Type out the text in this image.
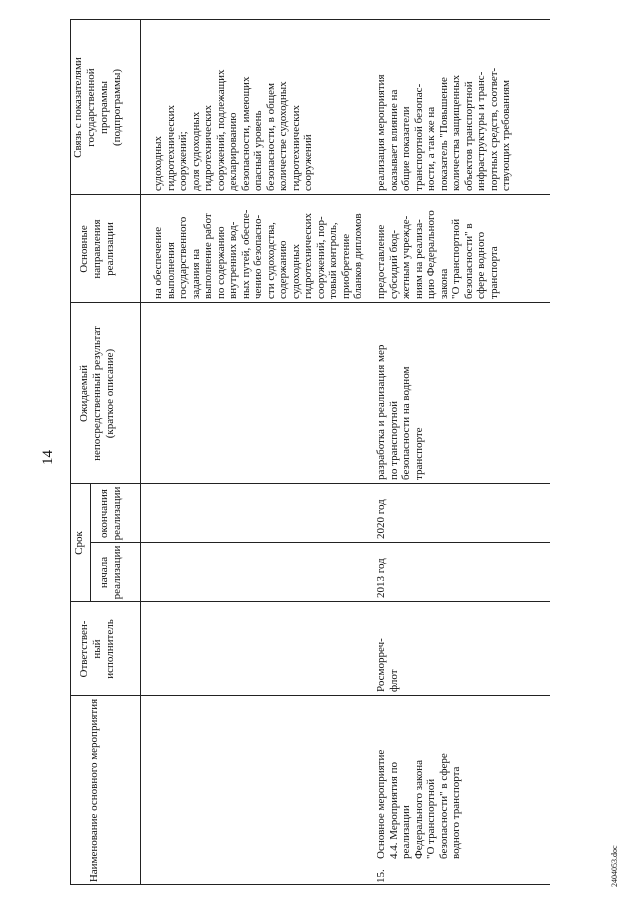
14
Наименование основного мероприятия
Ответствен-
ный
исполнитель
Срок
начала
реализации
окончания
реализации
Ожидаемый
непосредственный результат
(краткое описание)
Основные
направления
реализации
Связь с показателями
государственной
программы
(подпрограммы)
на обеспечение
выполнения
государственного
задания на
выполнение работ
по содержанию
внутренних вод-
ных путей, обеспе-
чению безопасно-
сти судоходства,
содержанию
судоходных
гидротехнических
сооружений, пор-
товый контроль,
приобретение
бланков дипломов
судоходных
гидротехнических
сооружений;
доля судоходных
гидротехнических
сооружений, подлежащих
декларированию
безопасности, имеющих
опасный уровень
безопасности, в общем
количестве судоходных
гидротехнических
сооружений
15.
Основное мероприятие
4.4. Мероприятия по
реализации
Федерального закона
"О транспортной
безопасности" в сфере
водного транспорта
Росморреч-
флот
2013 год
2020 год
разработка и реализация мер
по транспортной
безопасности на водном
транспорте
предоставление
субсидий бюд-
жетным учрежде-
ниям на реализа-
цию Федерального
закона
"О транспортной
безопасности" в
сфере водного
транспорта
реализация мероприятия
оказывает влияние на
общие показатели
транспортной безопас-
ности, а так же на
показатель "Повышение
количества защищенных
объектов транспортной
инфраструктуры и транс-
портных средств, соответ-
ствующих требованиям
2404053.doc
